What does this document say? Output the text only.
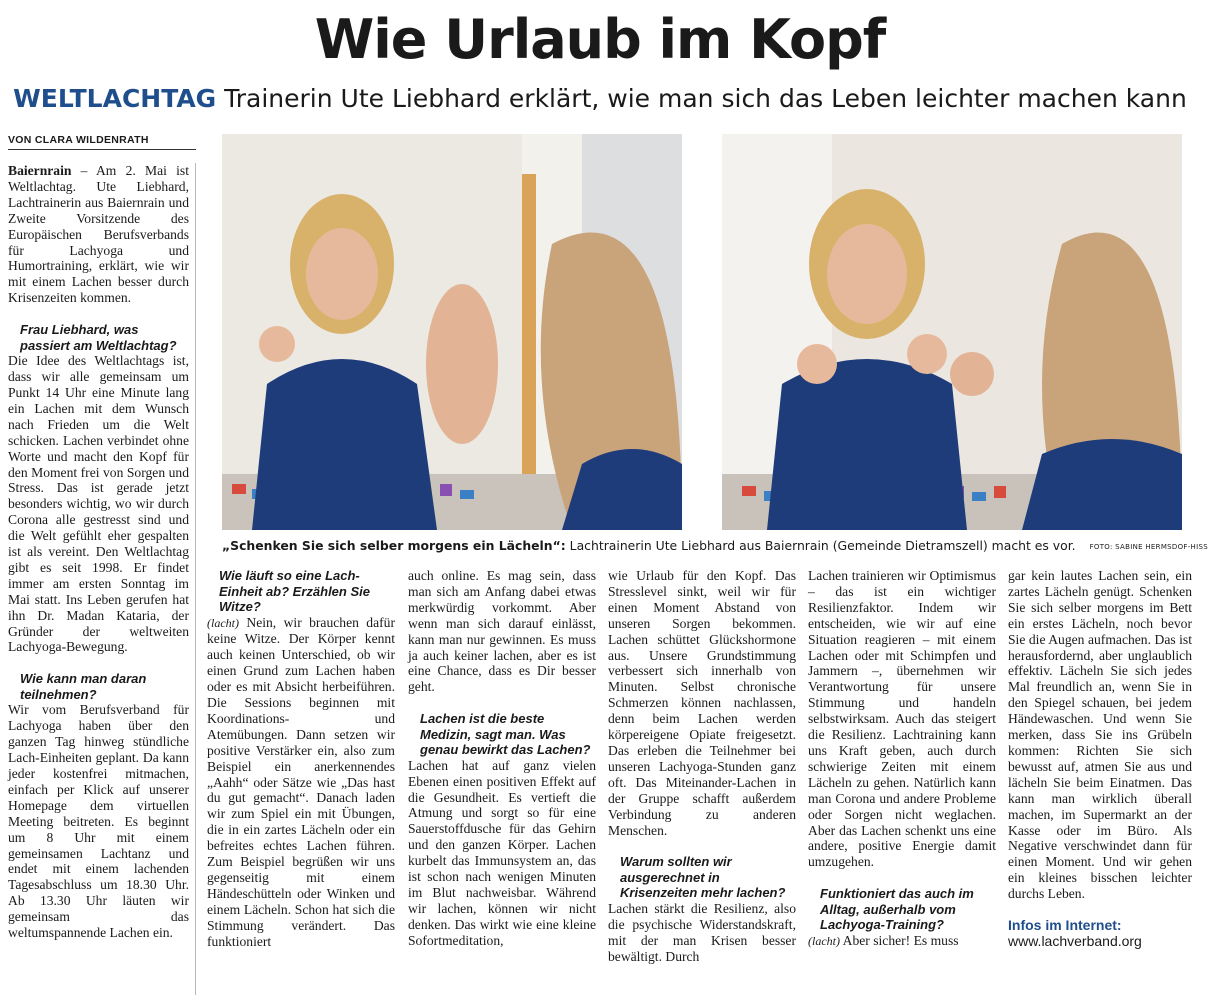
Wie Urlaub im Kopf
WELTLACHTAG Trainerin Ute Liebhard erklärt, wie man sich das Leben leichter machen kann
VON CLARA WILDENRATH

Baiernrain – Am 2. Mai ist Weltlachtag. Ute Liebhard, Lachtrainerin aus Baiernrain und Zweite Vorsitzende des Europäischen Berufsverbands für Lachyoga und Humortraining, erklärt, wie wir mit einem Lachen besser durch Krisenzeiten kommen.

Frau Liebhard, was passiert am Weltlachtag?

Die Idee des Weltlachtags ist, dass wir alle gemeinsam um Punkt 14 Uhr eine Minute lang ein Lachen mit dem Wunsch nach Frieden um die Welt schicken. Lachen verbindet ohne Worte und macht den Kopf für den Moment frei von Sorgen und Stress. Das ist gerade jetzt besonders wichtig, wo wir durch Corona alle gestresst sind und die Welt gefühlt eher gespalten ist als vereint. Den Weltlachtag gibt es seit 1998. Er findet immer am ersten Sonntag im Mai statt. Ins Leben gerufen hat ihn Dr. Madan Kataria, der Gründer der weltweiten Lachyoga-Bewegung.

Wie kann man daran teilnehmen?

Wir vom Berufsverband für Lachyoga haben über den ganzen Tag hinweg stündliche Lach-Einheiten geplant. Da kann jeder kostenfrei mitmachen, einfach per Klick auf unserer Homepage dem virtuellen Meeting beitreten. Es beginnt um 8 Uhr mit einem gemeinsamen Lachtanz und endet mit einem lachenden Tagesabschluss um 18.30 Uhr. Ab 13.30 Uhr läuten wir gemeinsam das weltumspannende Lachen ein.

„Schenken Sie sich selber morgens ein Lächeln“: Lachtrainerin Ute Liebhard aus Baiernrain (Gemeinde Dietramszell) macht es vor. FOTO: SABINE HERMSDOF-HISS

Wie läuft so eine Lach-Einheit ab? Erzählen Sie Witze?

(lacht) Nein, wir brauchen dafür keine Witze. Der Körper kennt auch keinen Unterschied, ob wir einen Grund zum Lachen haben oder es mit Absicht herbeiführen. Die Sessions beginnen mit Koordinations- und Atemübungen. Dann setzen wir positive Verstärker ein, also zum Beispiel ein anerkennendes „Aahh“ oder Sätze wie „Das hast du gut gemacht“. Danach laden wir zum Spiel ein mit Übungen, die in ein zartes Lächeln oder ein befreites echtes Lachen führen. Zum Beispiel begrüßen wir uns gegenseitig mit einem Händeschütteln oder Winken und einem Lächeln. Schon hat sich die Stimmung verändert. Das funktioniert

auch online. Es mag sein, dass man sich am Anfang dabei etwas merkwürdig vorkommt. Aber wenn man sich darauf einlässt, kann man nur gewinnen. Es muss ja auch keiner lachen, aber es ist eine Chance, dass es Dir besser geht.

Lachen ist die beste Medizin, sagt man. Was genau bewirkt das Lachen?

Lachen hat auf ganz vielen Ebenen einen positiven Effekt auf die Gesundheit. Es vertieft die Atmung und sorgt so für eine Sauerstoffdusche für das Gehirn und den ganzen Körper. Lachen kurbelt das Immunsystem an, das ist schon nach wenigen Minuten im Blut nachweisbar. Während wir lachen, können wir nicht denken. Das wirkt wie eine kleine Sofortmeditation,

wie Urlaub für den Kopf. Das Stresslevel sinkt, weil wir für einen Moment Abstand von unseren Sorgen bekommen. Lachen schüttet Glückshormone aus. Unsere Grundstimmung verbessert sich innerhalb von Minuten. Selbst chronische Schmerzen können nachlassen, denn beim Lachen werden körpereigene Opiate freigesetzt. Das erleben die Teilnehmer bei unseren Lachyoga-Stunden ganz oft. Das Miteinander-Lachen in der Gruppe schafft außerdem Verbindung zu anderen Menschen.

Warum sollten wir ausgerechnet in Krisenzeiten mehr lachen?

Lachen stärkt die Resilienz, also die psychische Widerstandskraft, mit der man Krisen besser bewältigt. Durch

Lachen trainieren wir Optimismus – das ist ein wichtiger Resilienzfaktor. Indem wir entscheiden, wie wir auf eine Situation reagieren – mit einem Lachen oder mit Schimpfen und Jammern –, übernehmen wir Verantwortung für unsere Stimmung und handeln selbstwirksam. Auch das steigert die Resilienz. Lachtraining kann uns Kraft geben, auch durch schwierige Zeiten mit einem Lächeln zu gehen. Natürlich kann man Corona und andere Probleme oder Sorgen nicht weglachen. Aber das Lachen schenkt uns eine andere, positive Energie damit umzugehen.

Funktioniert das auch im Alltag, außerhalb vom Lachyoga-Training?

(lacht) Aber sicher! Es muss

gar kein lautes Lachen sein, ein zartes Lächeln genügt. Schenken Sie sich selber morgens im Bett ein erstes Lächeln, noch bevor Sie die Augen aufmachen. Das ist herausfordernd, aber unglaublich effektiv. Lächeln Sie sich jedes Mal freundlich an, wenn Sie in den Spiegel schauen, bei jedem Händewaschen. Und wenn Sie merken, dass Sie ins Grübeln kommen: Richten Sie sich bewusst auf, atmen Sie aus und lächeln Sie beim Einatmen. Das kann man wirklich überall machen, im Supermarkt an der Kasse oder im Büro. Als Negative verschwindet dann für einen Moment. Und wir gehen ein kleines bisschen leichter durchs Leben.

Infos im Internet:

www.lachverband.org
